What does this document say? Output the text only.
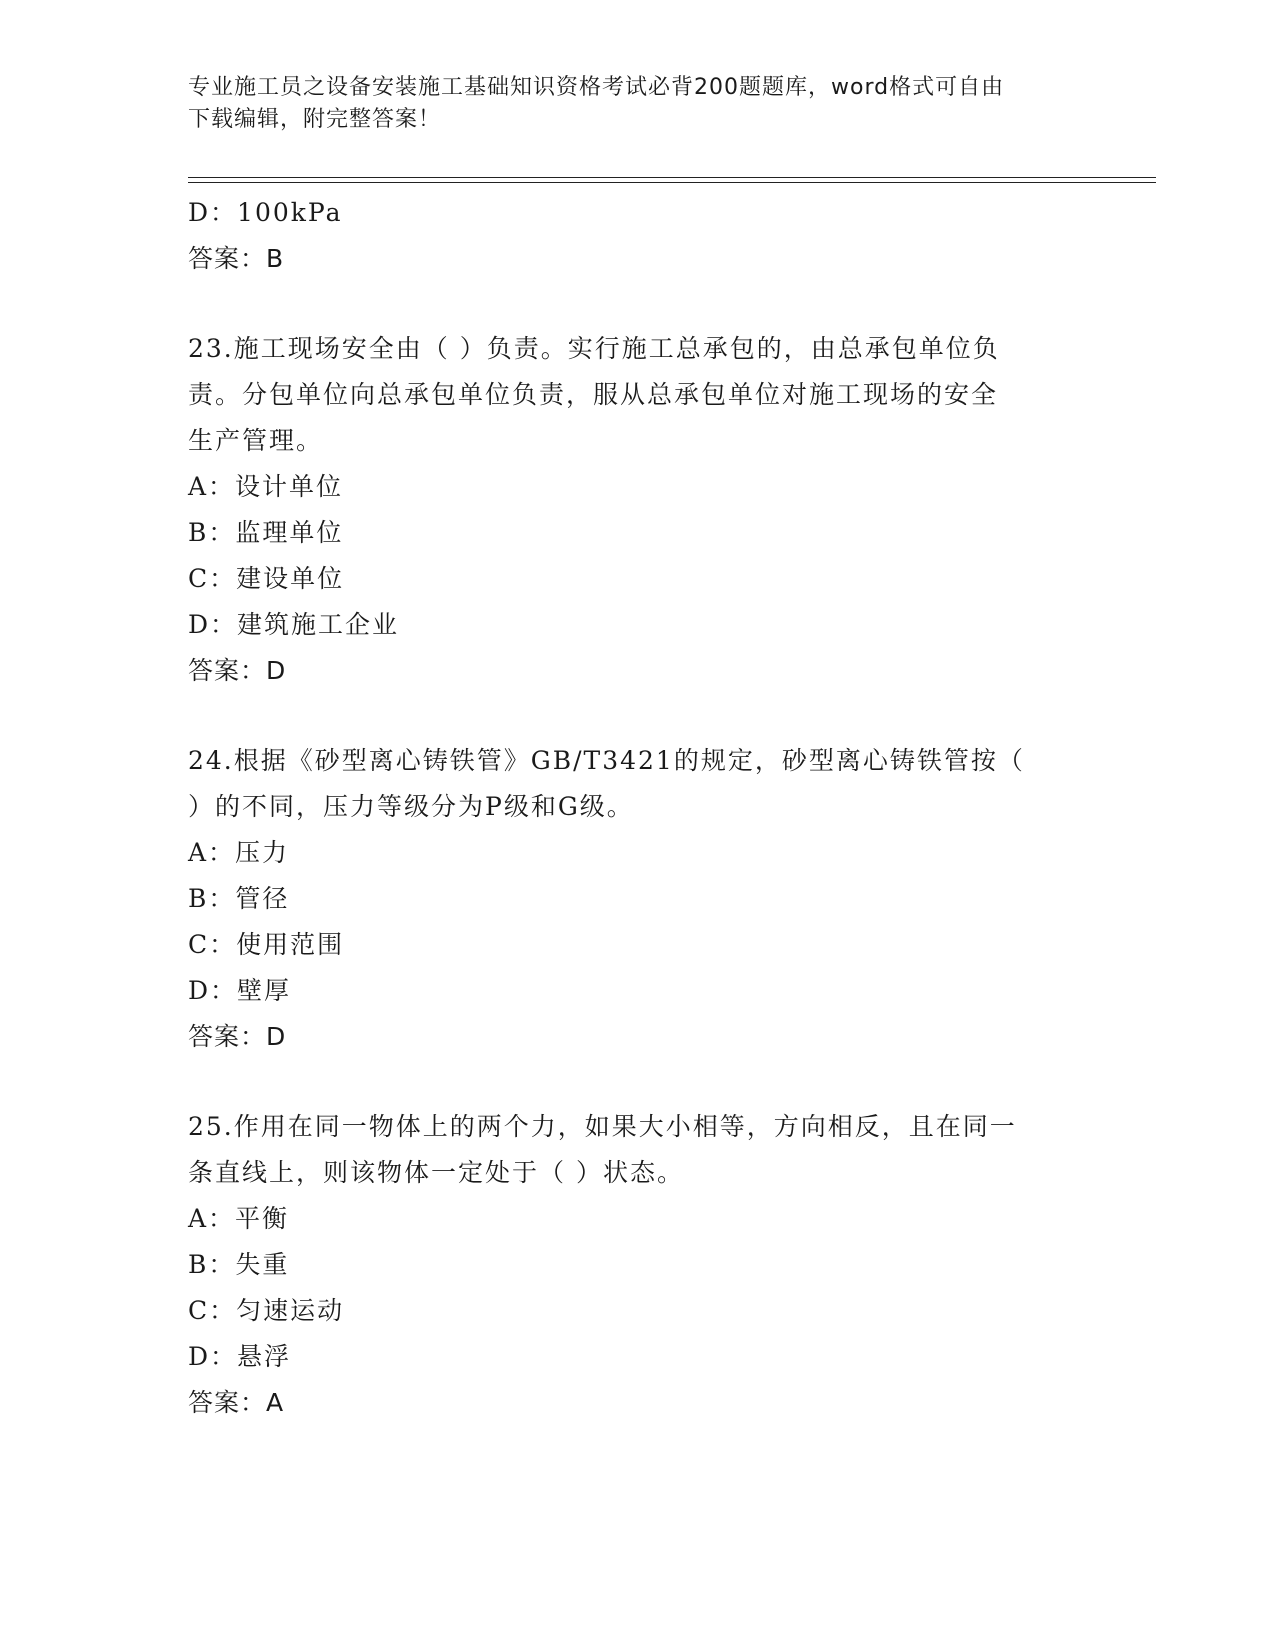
专业施工员之设备安装施工基础知识资格考试必背200题题库，word格式可自由
下载编辑，附完整答案！
D：100kPa
答案：B
23.施工现场安全由（ ）负责。实行施工总承包的，由总承包单位负
责。分包单位向总承包单位负责，服从总承包单位对施工现场的安全
生产管理。
A：设计单位
B：监理单位
C：建设单位
D：建筑施工企业
答案：D
24.根据《砂型离心铸铁管》GB/T3421的规定，砂型离心铸铁管按（
）的不同，压力等级分为P级和G级。
A：压力
B：管径
C：使用范围
D：壁厚
答案：D
25.作用在同一物体上的两个力，如果大小相等，方向相反，且在同一
条直线上，则该物体一定处于（ ）状态。
A：平衡
B：失重
C：匀速运动
D：悬浮
答案：A
